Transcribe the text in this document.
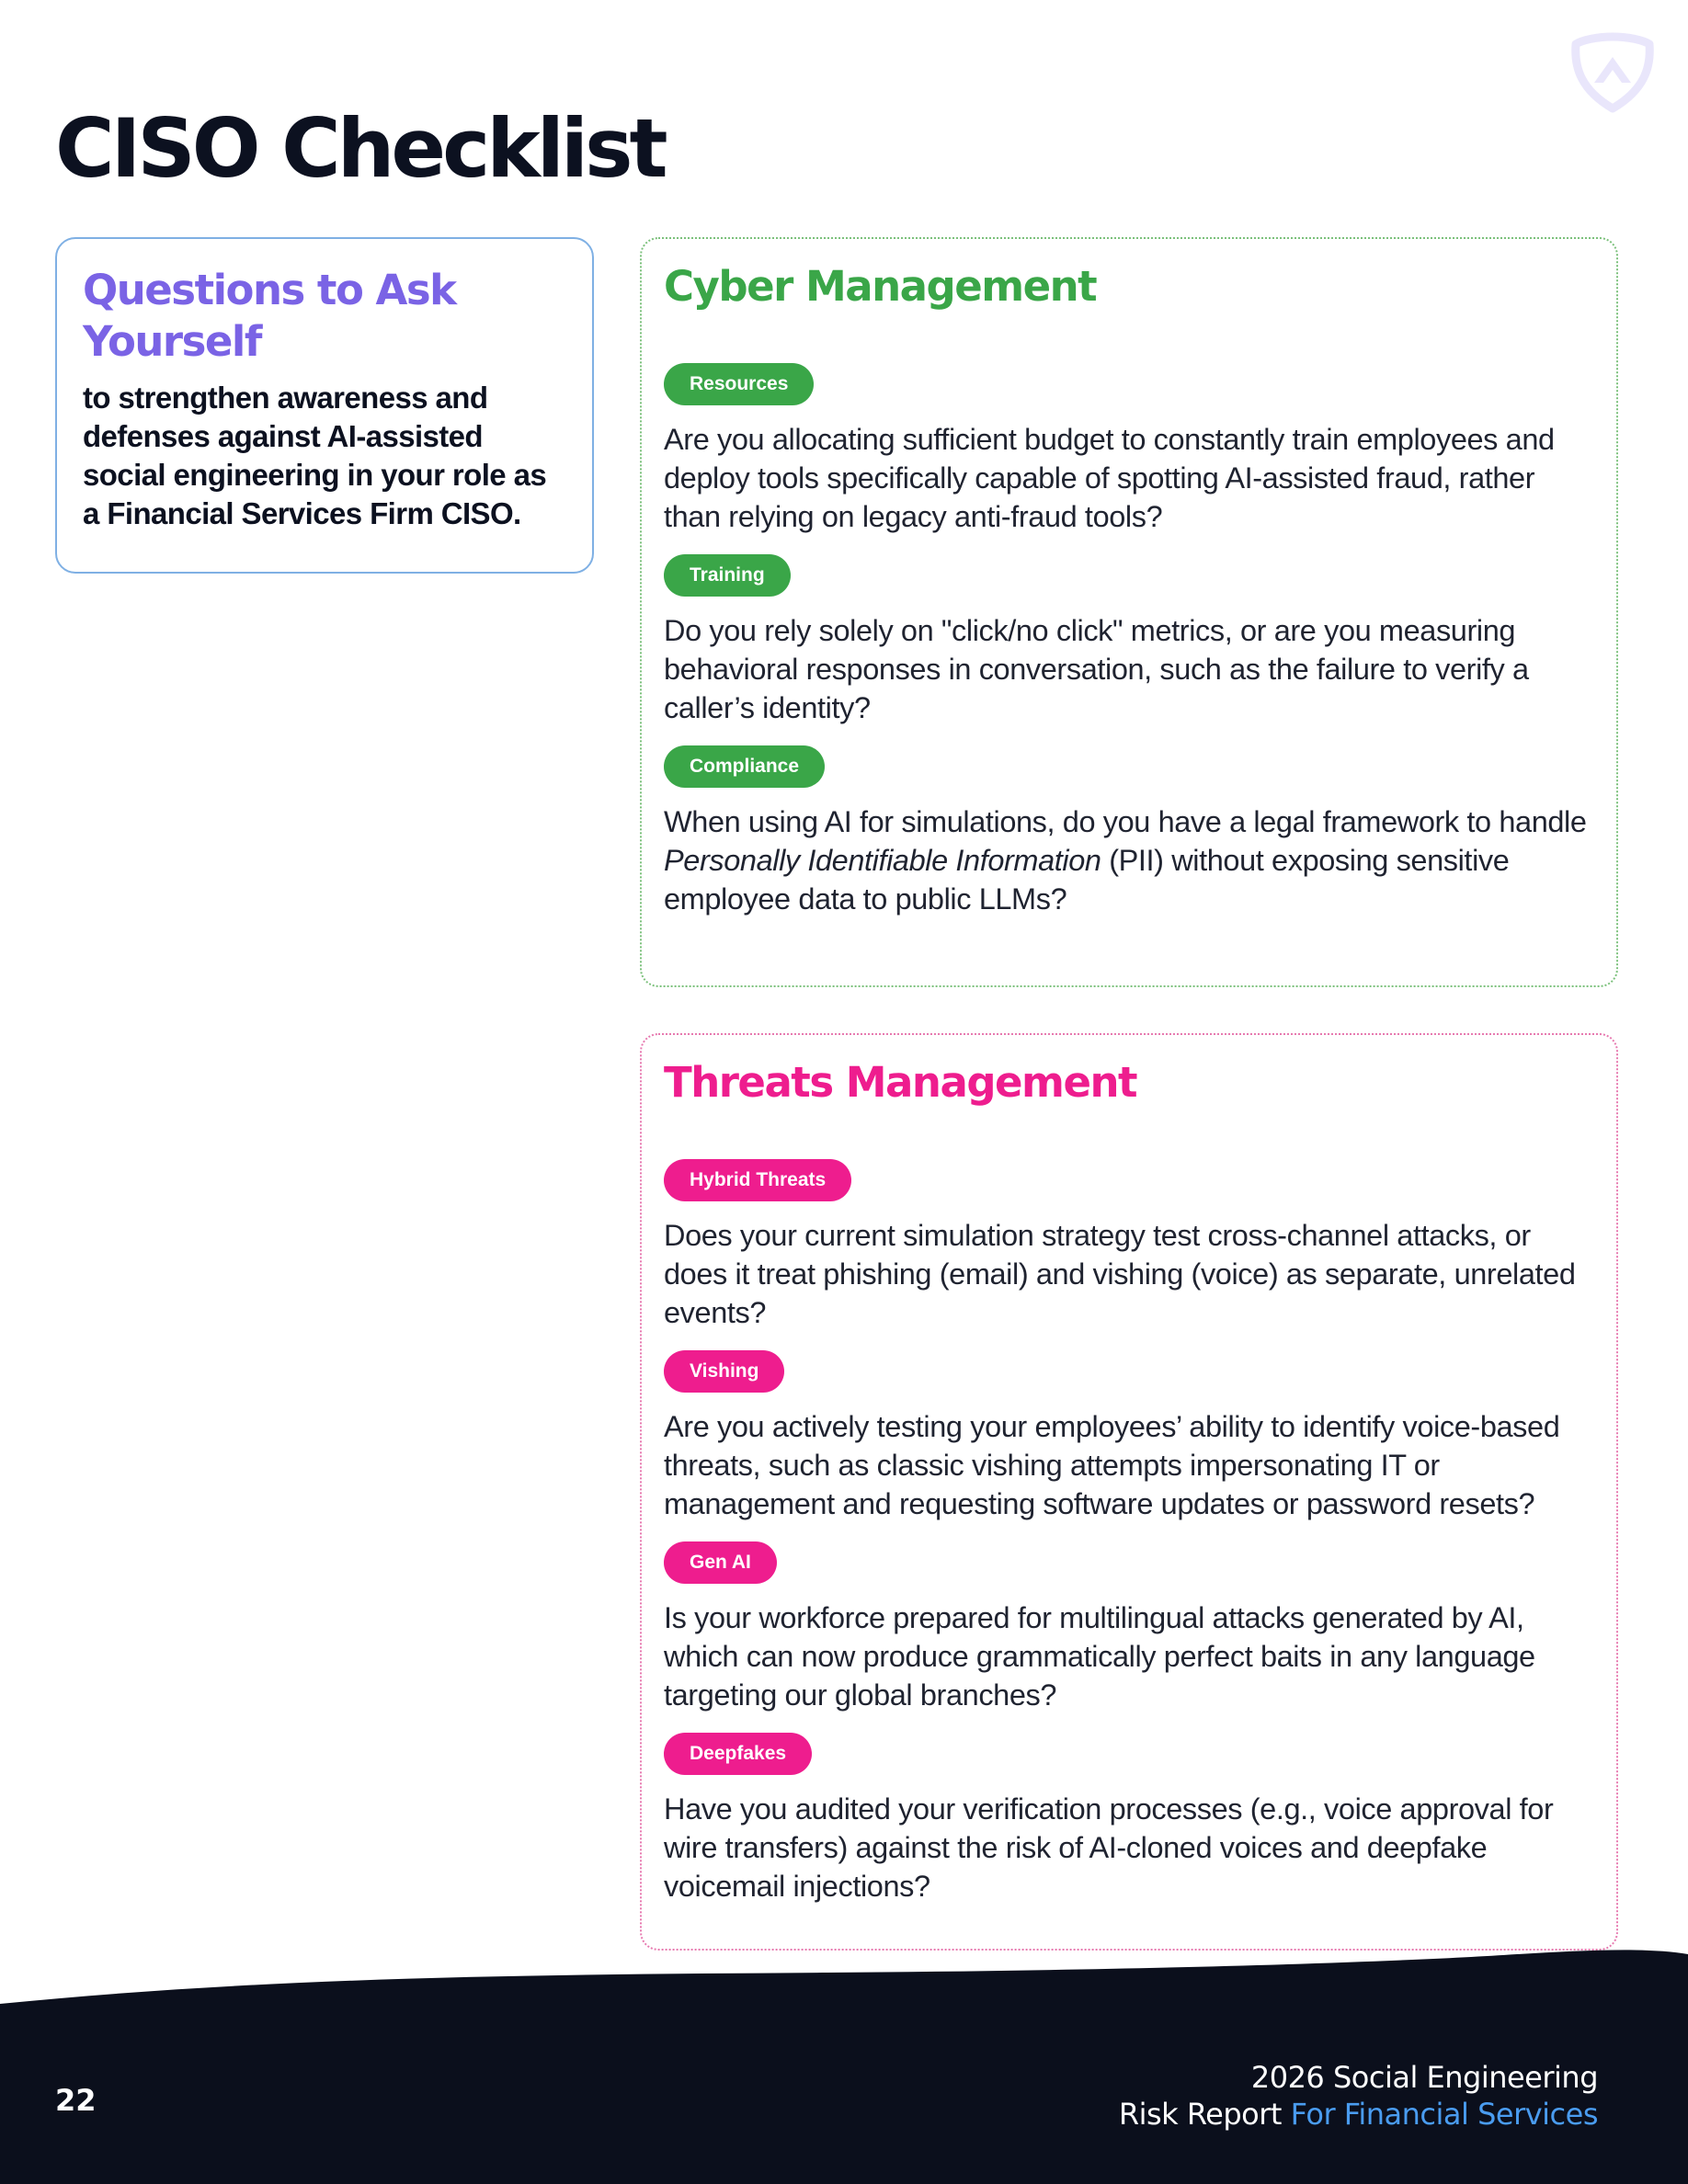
CISO Checklist
Questions to Ask Yourself

to strengthen awareness and defenses against AI-assisted social engineering in your role as a Financial Services Firm CISO.

Cyber Management
Resources

Are you allocating sufficient budget to constantly train employees and deploy tools specifically capable of spotting AI-assisted fraud, rather than relying on legacy anti-fraud tools?

Training

Do you rely solely on "click/no click" metrics, or are you measuring behavioral responses in conversation, such as the failure to verify a caller’s identity?

Compliance

When using AI for simulations, do you have a legal framework to handle Personally Identifiable Information (PII) without exposing sensitive employee data to public LLMs?

Threats Management
Hybrid Threats

Does your current simulation strategy test cross-channel attacks, or does it treat phishing (email) and vishing (voice) as separate, unrelated events?

Vishing

Are you actively testing your employees’ ability to identify voice-based threats, such as classic vishing attempts impersonating IT or management and requesting software updates or password resets?

Gen AI

Is your workforce prepared for multilingual attacks generated by AI, which can now produce grammatically perfect baits in any language targeting our global branches?

Deepfakes

Have you audited your verification processes (e.g., voice approval for wire transfers) against the risk of AI-cloned voices and deepfake voicemail injections?

22
2026 Social Engineering
Risk Report For Financial Services
